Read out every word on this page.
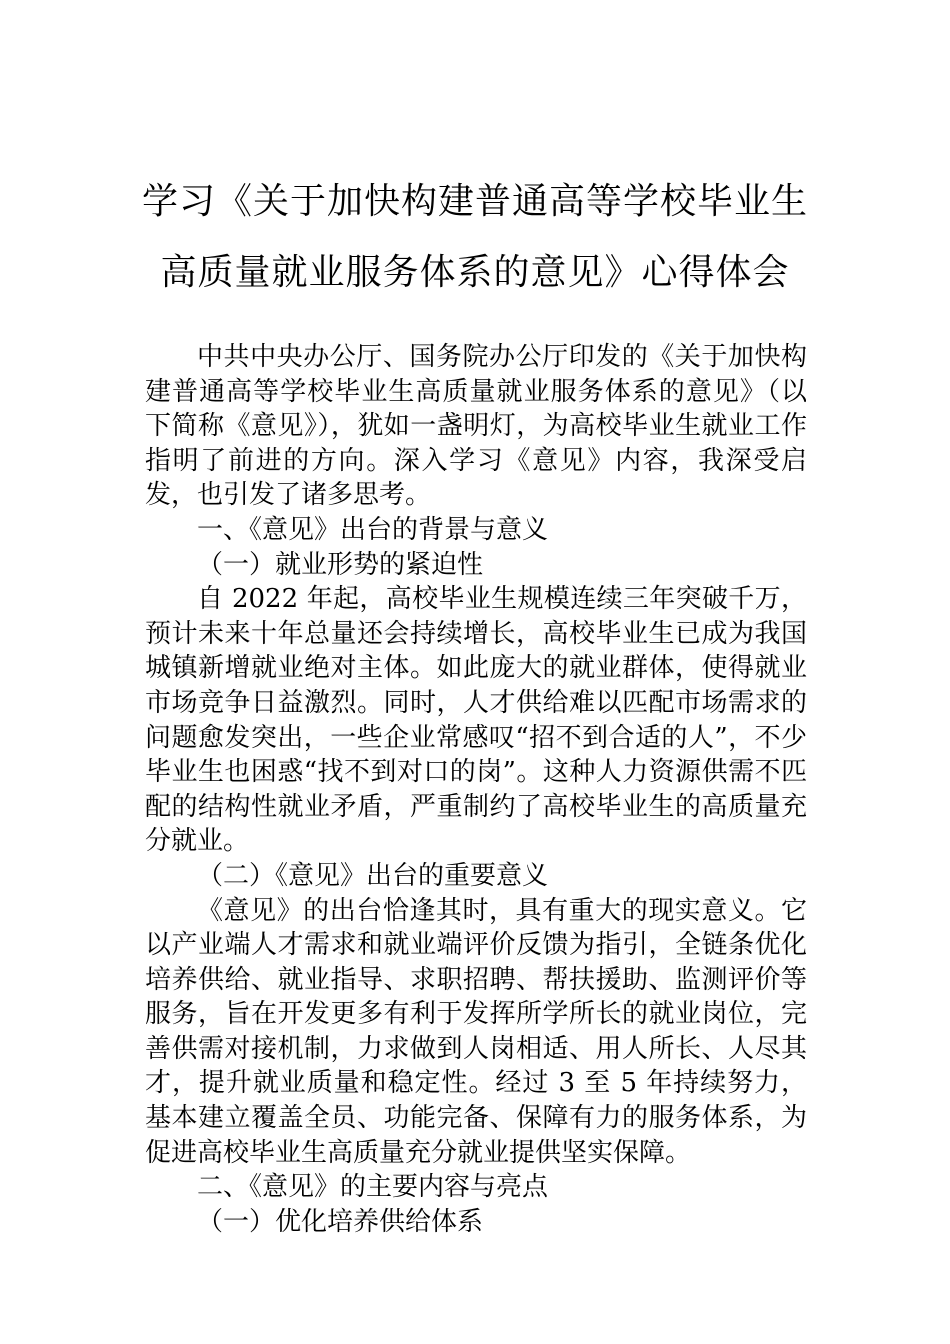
学习《关于加快构建普通高等学校毕业生
高质量就业服务体系的意见》心得体会

中共中央办公厅、国务院办公厅印发的《关于加快构建普通高等学校毕业生高质量就业服务体系的意见》（以下简称《意见》），犹如一盏明灯，为高校毕业生就业工作指明了前进的方向。深入学习《意见》内容，我深受启发，也引发了诸多思考。

一、《意见》出台的背景与意义

（一）就业形势的紧迫性

自 2022 年起，高校毕业生规模连续三年突破千万，预计未来十年总量还会持续增长，高校毕业生已成为我国城镇新增就业绝对主体。如此庞大的就业群体，使得就业市场竞争日益激烈。同时，人才供给难以匹配市场需求的问题愈发突出，一些企业常感叹“招不到合适的人”，不少毕业生也困惑“找不到对口的岗”。这种人力资源供需不匹配的结构性就业矛盾，严重制约了高校毕业生的高质量充分就业。

（二）《意见》出台的重要意义

《意见》的出台恰逢其时，具有重大的现实意义。它以产业端人才需求和就业端评价反馈为指引，全链条优化培养供给、就业指导、求职招聘、帮扶援助、监测评价等服务，旨在开发更多有利于发挥所学所长的就业岗位，完善供需对接机制，力求做到人岗相适、用人所长、人尽其才，提升就业质量和稳定性。经过 3 至 5 年持续努力，基本建立覆盖全员、功能完备、保障有力的服务体系，为促进高校毕业生高质量充分就业提供坚实保障。

二、《意见》的主要内容与亮点

（一）优化培养供给体系
